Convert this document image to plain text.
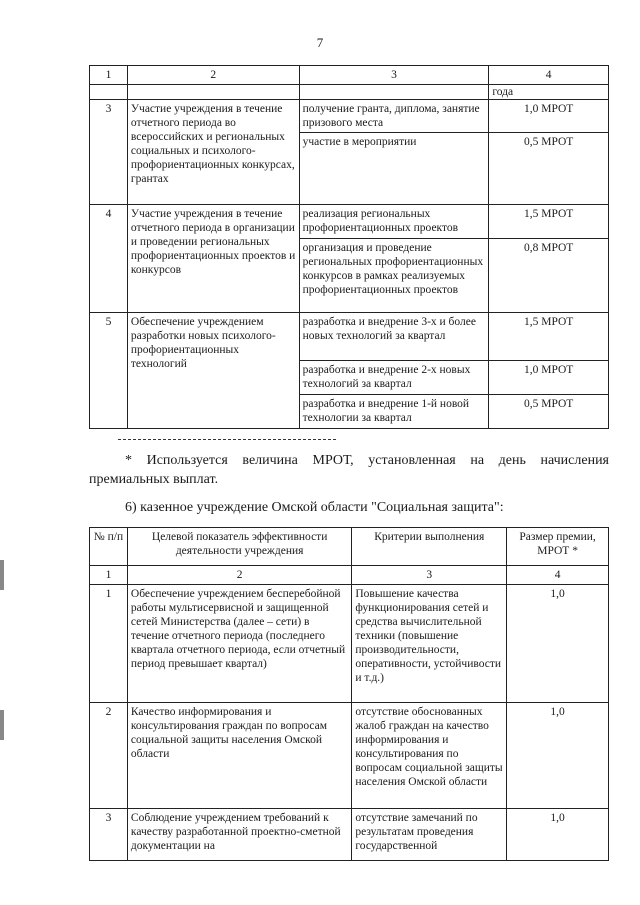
7
1	2	3	4
			года
3	Участие учреждения в течение отчетного периода во всероссийских и региональных социальных и психолого-профориентационных конкурсах, грантах	получение гранта, диплома, занятие призового места	1,0 МРОТ
		участие в мероприятии	0,5 МРОТ
4	Участие учреждения в течение отчетного периода в организации и проведении региональных профориентационных проектов и конкурсов	реализация региональных профориентационных проектов	1,5 МРОТ
		организация и проведение региональных профориентационных конкурсов в рамках реализуемых профориентационных проектов	0,8 МРОТ
5	Обеспечение учреждением разработки новых психолого-профориентационных технологий	разработка и внедрение 3-х и более новых технологий за квартал	1,5 МРОТ
		разработка и внедрение 2-х новых технологий за квартал	1,0 МРОТ
		разработка и внедрение 1-й новой технологии за квартал	0,5 МРОТ
* Используется величина МРОТ, установленная на день начисления премиальных выплат.
6) казенное учреждение Омской области "Социальная защита":
№ п/п	Целевой показатель эффективности деятельности учреждения	Критерии выполнения	Размер премии, МРОТ *
1	2	3	4
1	Обеспечение учреждением бесперебойной работы мультисервисной и защищенной сетей Министерства (далее – сети) в течение отчетного периода (последнего квартала отчетного периода, если отчетный период превышает квартал)	Повышение качества функционирования сетей и средства вычислительной техники (повышение производительности, оперативности, устойчивости и т.д.)	1,0
2	Качество информирования и консультирования граждан по вопросам социальной защиты населения Омской области	отсутствие обоснованных жалоб граждан на качество информирования и консультирования по вопросам социальной защиты населения Омской области	1,0
3	Соблюдение учреждением требований к качеству разработанной проектно-сметной документации на	отсутствие замечаний по результатам проведения государственной	1,0
